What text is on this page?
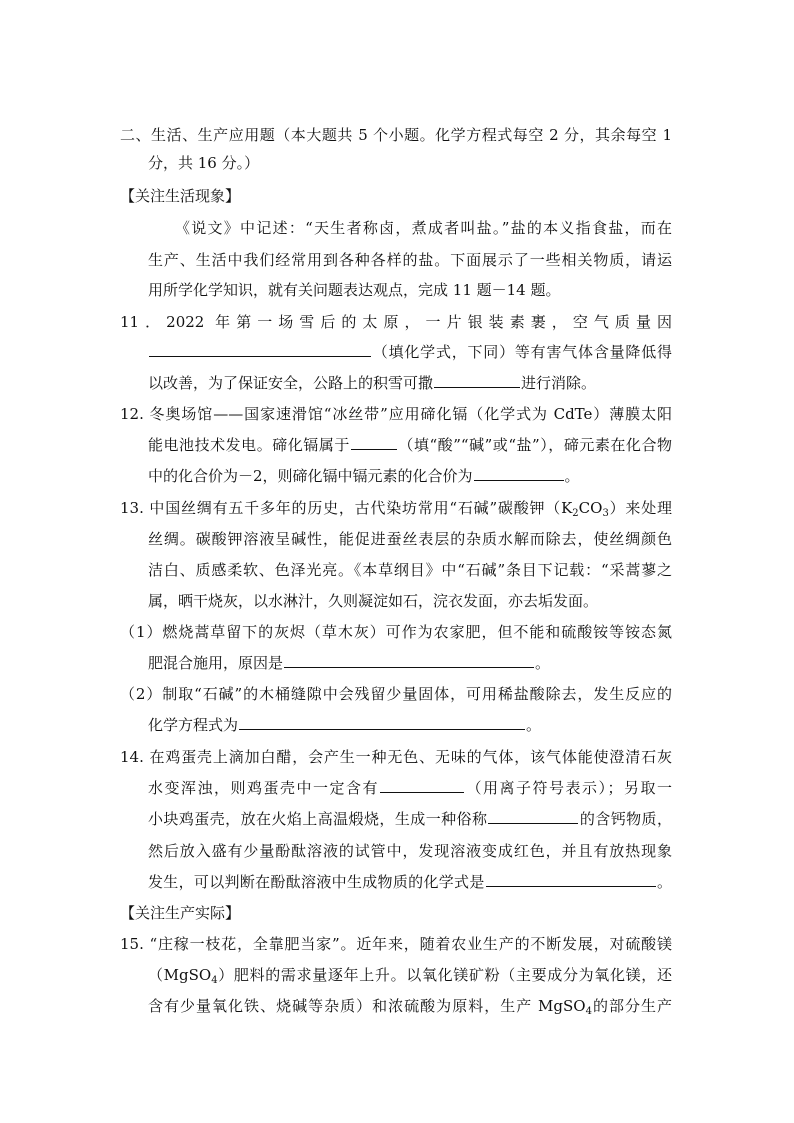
二、生活、生产应用题（本大题共 5 个小题。化学方程式每空 2 分，其余每空 1
分，共 16 分。）
【关注生活现象】
《说文》中记述：“天生者称卤，煮成者叫盐。”盐的本义指食盐，而在
生产、生活中我们经常用到各种各样的盐。下面展示了一些相关物质，请运
用所学化学知识，就有关问题表达观点，完成 11 题－14 题。
11．2022 年第一场雪后的太原，一片银装素裹，空气质量因
（填化学式，下同）等有害气体含量降低得
以改善，为了保证安全，公路上的积雪可撒	进行消除。
12. 冬奥场馆——国家速滑馆“冰丝带”应用碲化镉（化学式为 CdTe）薄膜太阳
能电池技术发电。碲化镉属于	（填“酸”“碱”或“盐”），碲元素在化合物
中的化合价为－2，则碲化镉中镉元素的化合价为	。
13. 中国丝绸有五千多年的历史，古代染坊常用“石碱”碳酸钾$(K_2CO_3)$来处理
丝绸。碳酸钾溶液呈碱性，能促进蚕丝表层的杂质水解而除去，使丝绸颜色
洁白、质感柔软、色泽光亮。《本草纲目》中“石碱”条目下记载：“采蒿蓼之
属，晒干烧灰，以水淋汁，久则凝淀如石，浣衣发面，亦去垢发面。
（1）燃烧蒿草留下的灰烬（草木灰）可作为农家肥，但不能和硫酸铵等铵态氮
肥混合施用，原因是	。
（2）制取“石碱”的木桶缝隙中会残留少量固体，可用稀盐酸除去，发生反应的
化学方程式为	。
14. 在鸡蛋壳上滴加白醋，会产生一种无色、无味的气体，该气体能使澄清石灰
水变浑浊，则鸡蛋壳中一定含有	（用离子符号表示）；另取一
小块鸡蛋壳，放在火焰上高温煅烧，生成一种俗称	的含钙物质，
然后放入盛有少量酚酞溶液的试管中，发现溶液变成红色，并且有放热现象
发生，可以判断在酚酞溶液中生成物质的化学式是	。
【关注生产实际】
15. “庄稼一枝花，全靠肥当家”。近年来，随着农业生产的不断发展，对硫酸镁
（MgSO$_4$）肥料的需求量逐年上升。以氧化镁矿粉（主要成分为氧化镁，还
含有少量氧化铁、烧碱等杂质）和浓硫酸为原料，生产 MgSO$_4$的部分生产
